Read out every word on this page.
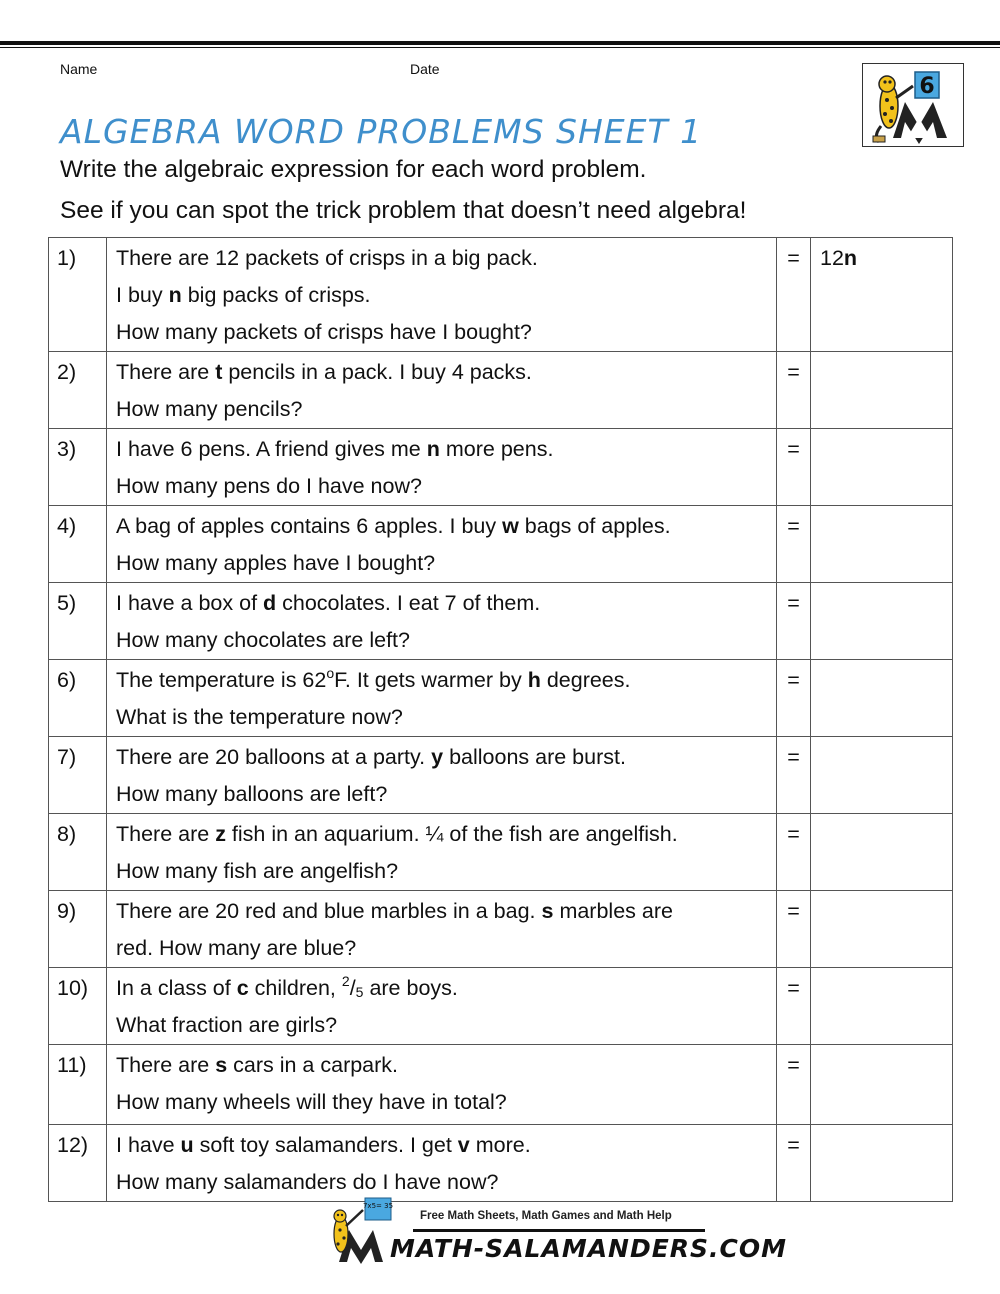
Name	Date
6
ALGEBRA WORD PROBLEMS SHEET 1
Write the algebraic expression for each word problem.
See if you can spot the trick problem that doesn’t need algebra!
1)	There are 12 packets of crisps in a big pack.
I buy n big packs of crisps.
How many packets of crisps have I bought?	=	12n
2)	There are t pencils in a pack. I buy 4 packs.
How many pencils?	=	
3)	I have 6 pens. A friend gives me n more pens.
How many pens do I have now?	=	
4)	A bag of apples contains 6 apples. I buy w bags of apples.
How many apples have I bought?	=	
5)	I have a box of d chocolates. I eat 7 of them.
How many chocolates are left?	=	
6)	The temperature is 62$^o$F. It gets warmer by h degrees.
What is the temperature now?	=	
7)	There are 20 balloons at a party. y balloons are burst.
How many balloons are left?	=	
8)	There are z fish in an aquarium. ¼ of the fish are angelfish.
How many fish are angelfish?	=	
9)	There are 20 red and blue marbles in a bag. s marbles are
red. How many are blue?	=	
10)	In a class of c children, $^2/_5$ are boys.
What fraction are girls?	=	
11)	There are s cars in a carpark.
How many wheels will they have in total?	=	
12)	I have u soft toy salamanders. I get v more.
How many salamanders do I have now?	=	
7x5= 35
Free Math Sheets, Math Games and Math Help
MATH-SALAMANDERS.COM
